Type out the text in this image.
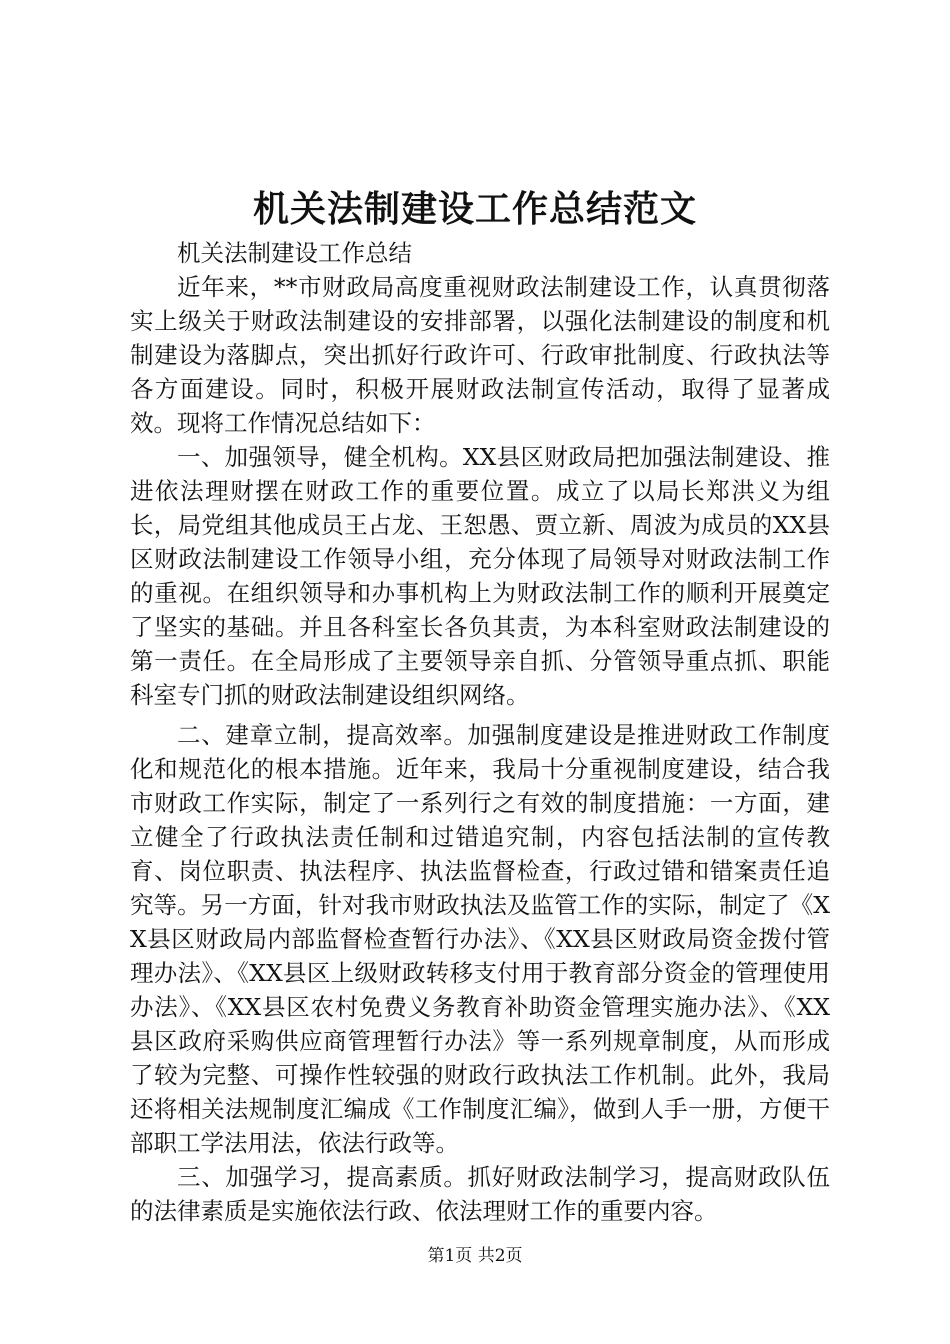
机关法制建设工作总结范文

机关法制建设工作总结

近年来，**市财政局高度重视财政法制建设工作，认真贯彻落实上级关于财政法制建设的安排部署，以强化法制建设的制度和机制建设为落脚点，突出抓好行政许可、行政审批制度、行政执法等各方面建设。同时，积极开展财政法制宣传活动，取得了显著成效。现将工作情况总结如下：

一、加强领导，健全机构。XX县区财政局把加强法制建设、推进依法理财摆在财政工作的重要位置。成立了以局长郑洪义为组长，局党组其他成员王占龙、王恕愚、贾立新、周波为成员的XX县区财政法制建设工作领导小组，充分体现了局领导对财政法制工作的重视。在组织领导和办事机构上为财政法制工作的顺利开展奠定了坚实的基础。并且各科室长各负其责，为本科室财政法制建设的第一责任。在全局形成了主要领导亲自抓、分管领导重点抓、职能科室专门抓的财政法制建设组织网络。

二、建章立制，提高效率。加强制度建设是推进财政工作制度化和规范化的根本措施。近年来，我局十分重视制度建设，结合我市财政工作实际，制定了一系列行之有效的制度措施：一方面，建立健全了行政执法责任制和过错追究制，内容包括法制的宣传教育、岗位职责、执法程序、执法监督检查，行政过错和错案责任追究等。另一方面，针对我市财政执法及监管工作的实际，制定了《XX县区财政局内部监督检查暂行办法》、《XX县区财政局资金拨付管理办法》、《XX县区上级财政转移支付用于教育部分资金的管理使用办法》、《XX县区农村免费义务教育补助资金管理实施办法》、《XX县区政府采购供应商管理暂行办法》等一系列规章制度，从而形成了较为完整、可操作性较强的财政行政执法工作机制。此外，我局还将相关法规制度汇编成《工作制度汇编》，做到人手一册，方便干部职工学法用法，依法行政等。

三、加强学习，提高素质。抓好财政法制学习，提高财政队伍的法律素质是实施依法行政、依法理财工作的重要内容。

第1页 共2页
